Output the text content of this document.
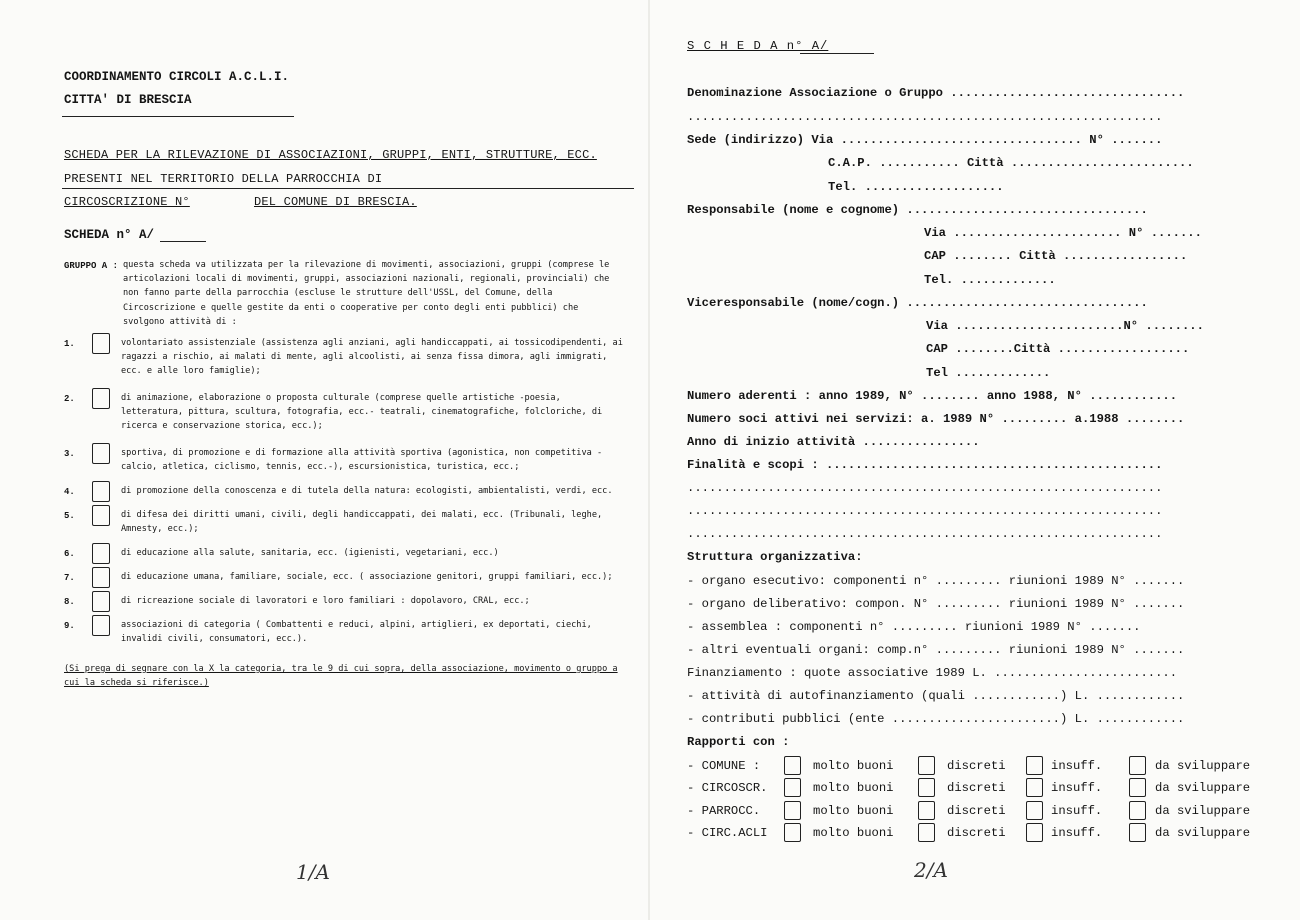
COORDINAMENTO CIRCOLI A.C.L.I.
CITTA' DI BRESCIA
SCHEDA PER LA RILEVAZIONE DI ASSOCIAZIONI, GRUPPI, ENTI, STRUTTURE, ECC.
PRESENTI NEL TERRITORIO DELLA PARROCCHIA DI
CIRCOSCRIZIONE N°	DEL COMUNE DI BRESCIA.
SCHEDA n° A/
GRUPPO A : questa scheda va utilizzata per la rilevazione di movimenti, associazioni, gruppi (comprese le articolazioni locali di movimenti, gruppi, associazioni nazionali, regionali, provinciali) che non fanno parte della parrocchia (escluse le strutture dell'USSL, del Comune, della Circoscrizione e quelle gestite da enti o cooperative per conto degli enti pubblici) che svolgono attività di :
1.	volontariato assistenziale (assistenza agli anziani, agli handiccappati, ai tossicodipendenti, ai ragazzi a rischio, ai malati di mente, agli alcoolisti, ai senza fissa dimora, agli immigrati, ecc. e alle loro famiglie);
2.	di animazione, elaborazione o proposta culturale (comprese quelle artistiche -poesia, letteratura, pittura, scultura, fotografia, ecc.- teatrali, cinematografiche, folcloriche, di ricerca e conservazione storica, ecc.);
3.	sportiva, di promozione e di formazione alla attività sportiva (agonistica, non competitiva - calcio, atletica, ciclismo, tennis, ecc.-), escursionistica, turistica, ecc.;
4.	di promozione della conoscenza e di tutela della natura: ecologisti, ambientalisti, verdi, ecc.
5.	di difesa dei diritti umani, civili, degli handiccappati, dei malati, ecc. (Tribunali, leghe, Amnesty, ecc.);
6.	di educazione alla salute, sanitaria, ecc. (igienisti, vegetariani, ecc.)
7.	di educazione umana, familiare, sociale, ecc. ( associazione genitori, gruppi familiari, ecc.);
8.	di ricreazione sociale di lavoratori e loro familiari : dopolavoro, CRAL, ecc.;
9.	associazioni di categoria ( Combattenti e reduci, alpini, artiglieri, ex deportati, ciechi, invalidi civili, consumatori, ecc.).
(Si prega di segnare con la X la categoria, tra le 9 di cui sopra, della associazione, movimento o gruppo a cui la scheda si riferisce.)
1/A
S C H E D A n° A/
Denominazione Associazione o Gruppo ................................
.................................................................
Sede (indirizzo) Via ................................. N° .......
C.A.P. ........... Città .........................
Tel. ...................
Responsabile (nome e cognome) .................................
Via ....................... N° .......
CAP ........ Città .................
Tel. .............
Viceresponsabile (nome/cogn.) .................................
Via .......................N° ........
CAP ........Città ..................
Tel .............
Numero aderenti : anno 1989, N° ........ anno 1988, N° ............
Numero soci attivi nei servizi: a. 1989 N° ......... a.1988 ........
Anno di inizio attività ................
Finalità e scopi : ..............................................
.................................................................
.................................................................
.................................................................
Struttura organizzativa:
- organo esecutivo: componenti n° ......... riunioni 1989 N° .......
- organo deliberativo: compon. N° ......... riunioni 1989 N° .......
- assemblea : componenti n° ......... riunioni 1989 N° .......
- altri eventuali organi: comp.n° ......... riunioni 1989 N° .......
Finanziamento : quote associative 1989 L. .........................
- attività di autofinanziamento (quali ............) L. ............
- contributi pubblici (ente .......................) L. ............
Rapporti con :
- COMUNE :	molto buoni	discreti	insuff.	da sviluppare
- CIRCOSCR.	molto buoni	discreti	insuff.	da sviluppare
- PARROCC.	molto buoni	discreti	insuff.	da sviluppare
- CIRC.ACLI	molto buoni	discreti	insuff.	da sviluppare
2/A
